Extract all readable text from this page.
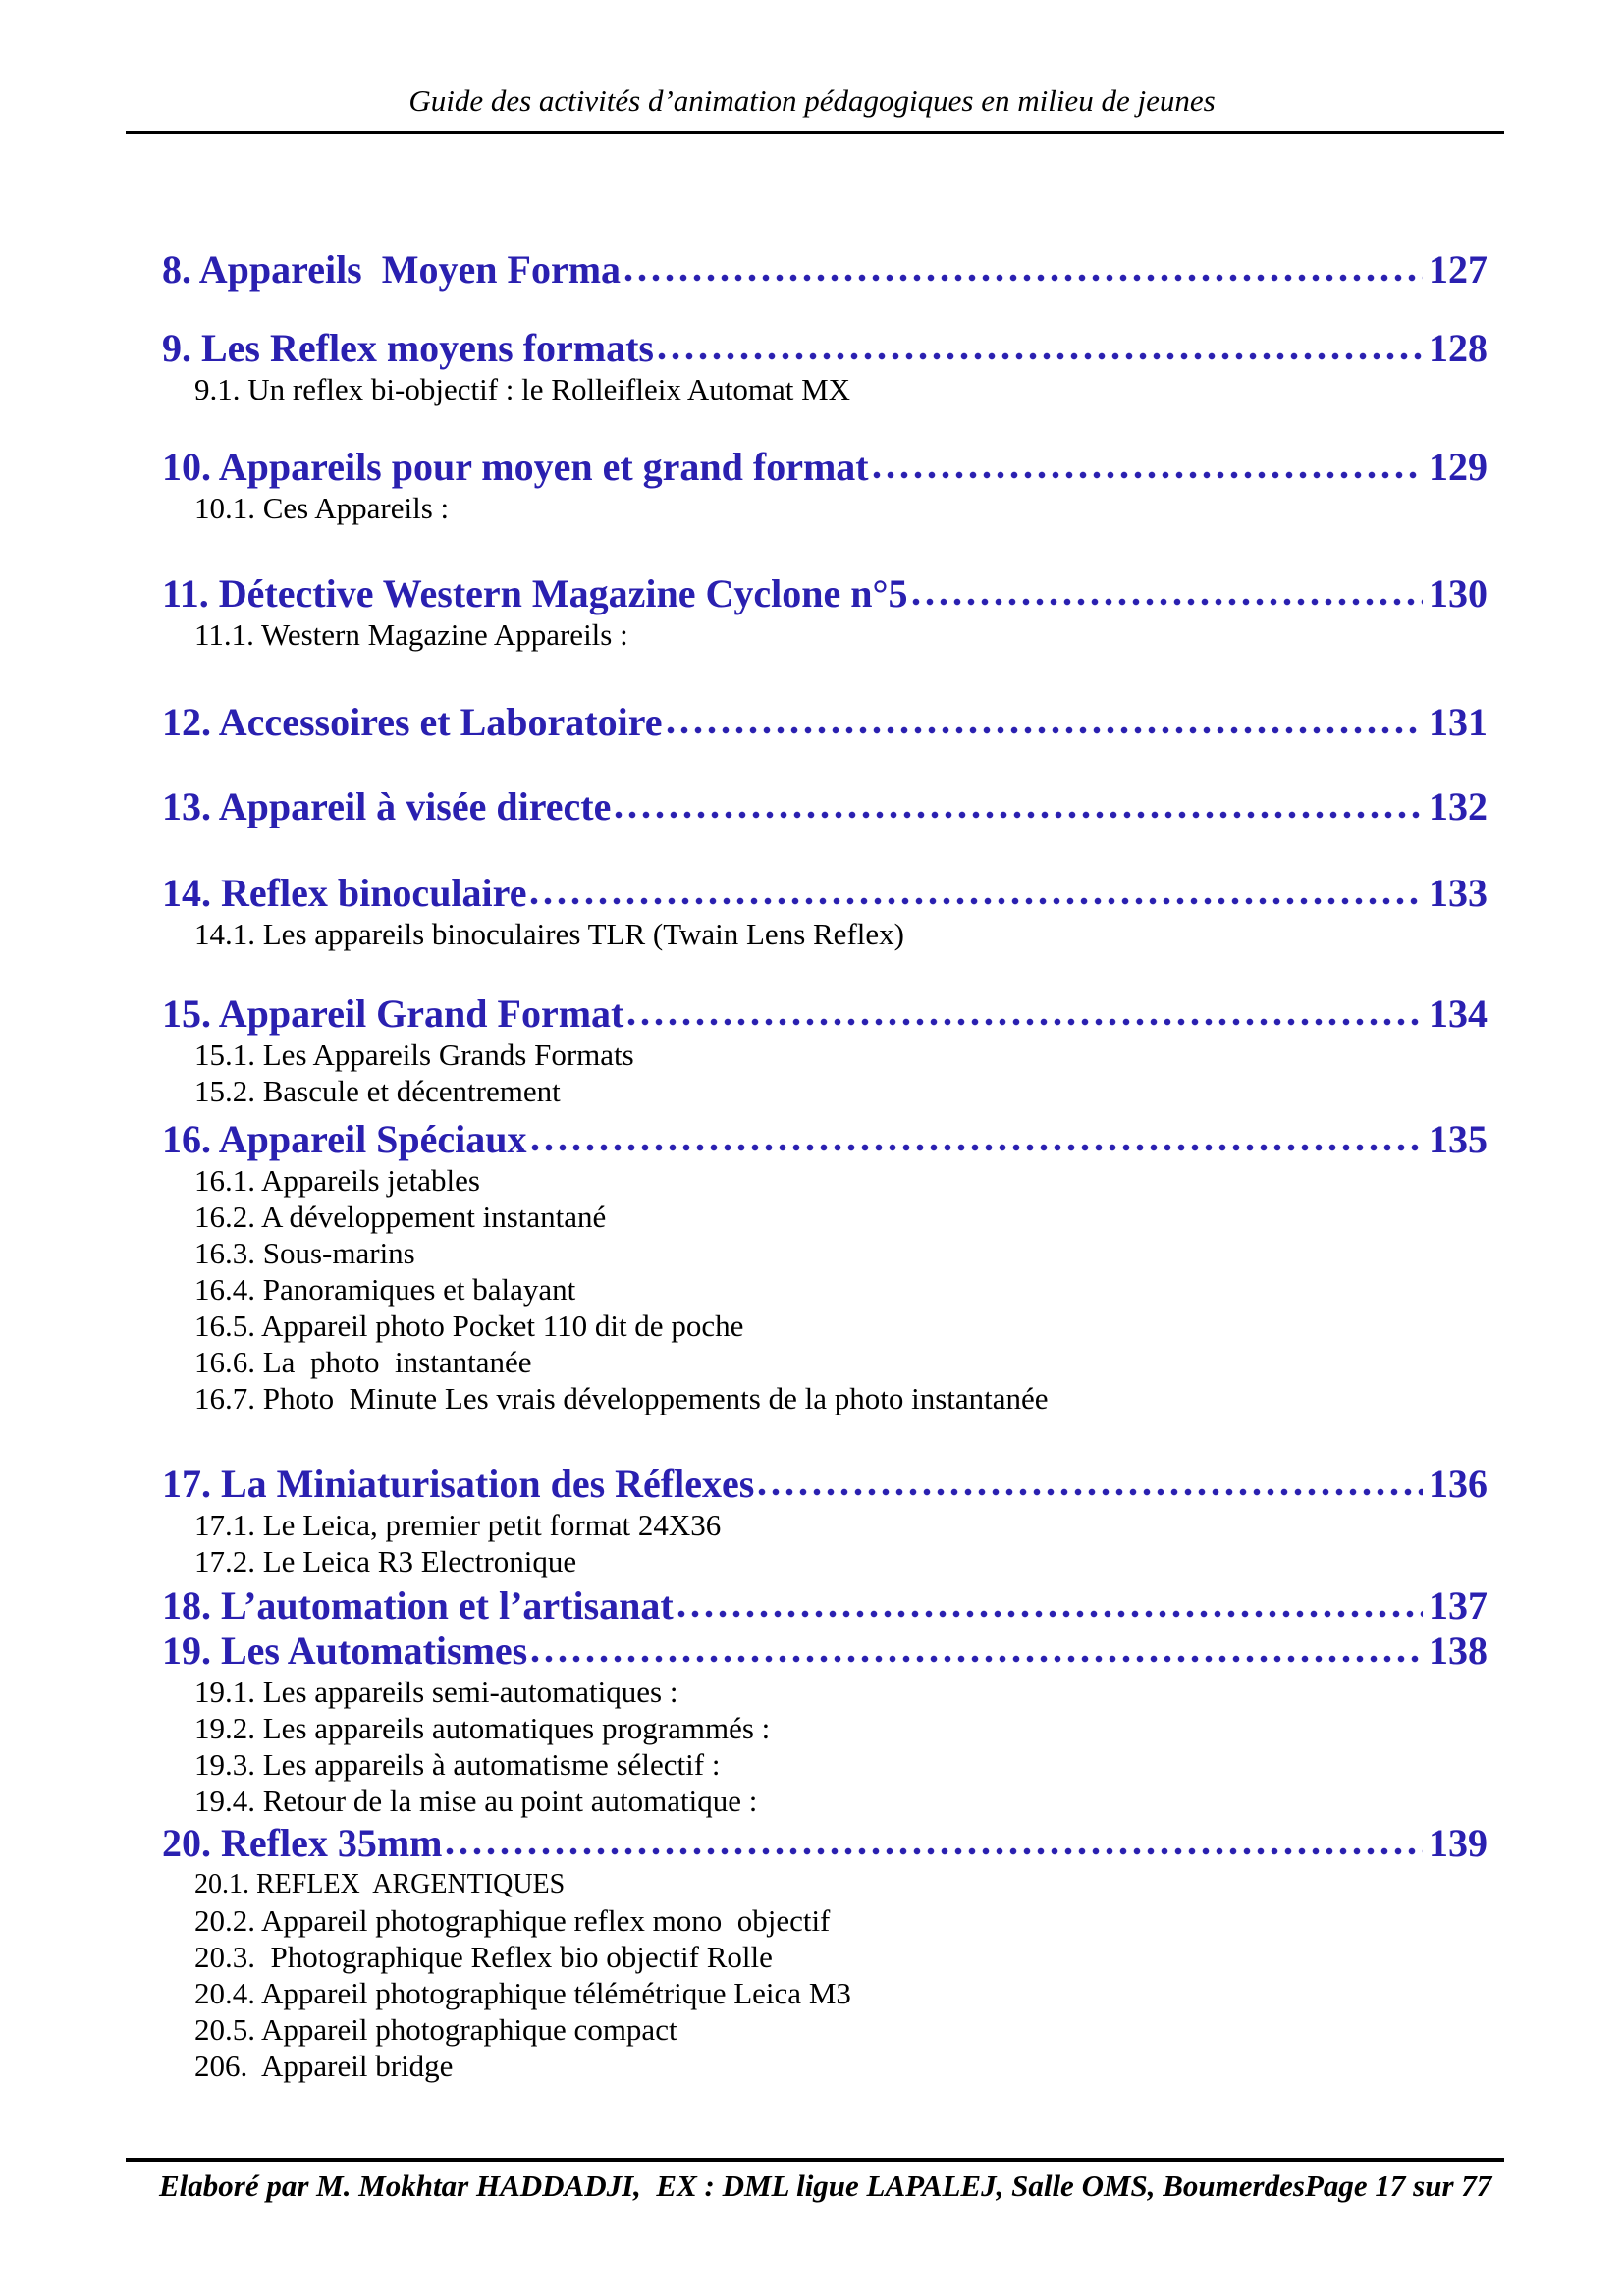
Guide des activités d’animation pédagogiques en milieu de jeunes
8. Appareils  Moyen Forma	127
9. Les Reflex moyens formats	128
9.1. Un reflex bi-objectif : le Rolleifleix Automat MX
10. Appareils pour moyen et grand format	129
10.1. Ces Appareils :
11. Détective Western Magazine Cyclone n°5	130
11.1. Western Magazine Appareils :
12. Accessoires et Laboratoire	131
13. Appareil à visée directe	132
14. Reflex binoculaire	133
14.1. Les appareils binoculaires TLR (Twain Lens Reflex)
15. Appareil Grand Format	134
15.1. Les Appareils Grands Formats
15.2. Bascule et décentrement
16. Appareil Spéciaux	135
16.1. Appareils jetables
16.2. A développement instantané
16.3. Sous-marins
16.4. Panoramiques et balayant
16.5. Appareil photo Pocket 110 dit de poche
16.6. La  photo  instantanée
16.7. Photo  Minute Les vrais développements de la photo instantanée
17. La Miniaturisation des Réflexes	136
17.1. Le Leica, premier petit format 24X36
17.2. Le Leica R3 Electronique
18. L’automation et l’artisanat	137
19. Les Automatismes	138
19.1. Les appareils semi-automatiques :
19.2. Les appareils automatiques programmés :
19.3. Les appareils à automatisme sélectif :
19.4. Retour de la mise au point automatique :
20. Reflex 35mm	139
20.1. REFLEX  ARGENTIQUES
20.2. Appareil photographique reflex mono  objectif
20.3.  Photographique Reflex bio objectif Rolle
20.4. Appareil photographique télémétrique Leica M3
20.5. Appareil photographique compact
206.  Appareil bridge
Elaboré par M. Mokhtar HADDADJI,  EX : DML ligue LAPALEJ, Salle OMS, Boumerdes Page 17 sur 77
